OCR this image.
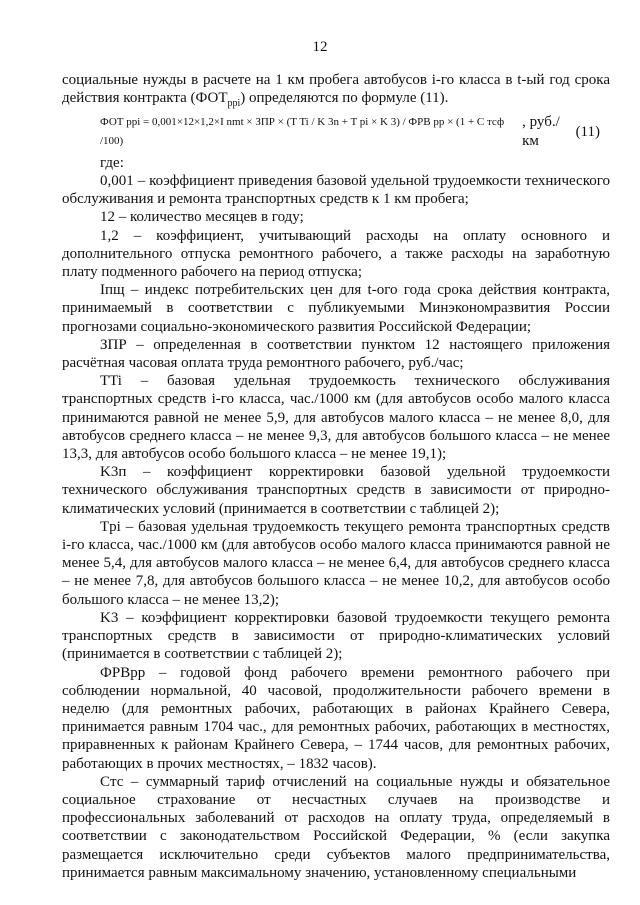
12

социальные нужды в расчете на 1 км пробега автобусов i-го класса в t-ый год срока действия контракта $(ФОТ_{ppi})$ определяются по формуле (11).

ФОТ ppi = 0,001×12×1,2×I nmt × ЗПР × (T Ti / K 3n + T pi × K 3) / ФРВ pp × (1 + C тсф /100)
, руб./км
(11)

где:

0,001 – коэффициент приведения базовой удельной трудоемкости технического обслуживания и ремонта транспортных средств к 1 км пробега;

12 – количество месяцев в году;

1,2 – коэффициент, учитывающий расходы на оплату основного и дополнительного отпуска ремонтного рабочего, а также расходы на заработную плату подменного рабочего на период отпуска;

Iпщ – индекс потребительских цен для t-ого года срока действия контракта, принимаемый в соответствии с публикуемыми Минэкономразвития России прогнозами социально-экономического развития Российской Федерации;

ЗПР – определенная в соответствии пунктом 12 настоящего приложения расчётная часовая оплата труда ремонтного рабочего, руб./час;

TTi – базовая удельная трудоемкость технического обслуживания транспортных средств i-го класса, час./1000 км (для автобусов особо малого класса принимаются равной не менее 5,9, для автобусов малого класса – не менее 8,0, для автобусов среднего класса – не менее 9,3, для автобусов большого класса – не менее 13,3, для автобусов особо большого класса – не менее 19,1);

K3п – коэффициент корректировки базовой удельной трудоемкости технического обслуживания транспортных средств в зависимости от природно-климатических условий (принимается в соответствии с таблицей 2);

Tpi – базовая удельная трудоемкость текущего ремонта транспортных средств i-го класса, час./1000 км (для автобусов особо малого класса принимаются равной не менее 5,4, для автобусов малого класса – не менее 6,4, для автобусов среднего класса – не менее 7,8, для автобусов большого класса – не менее 10,2, для автобусов особо большого класса – не менее 13,2);

K3 – коэффициент корректировки базовой трудоемкости текущего ремонта транспортных средств в зависимости от природно-климатических условий (принимается в соответствии с таблицей 2);

ФРВpp – годовой фонд рабочего времени ремонтного рабочего при соблюдении нормальной, 40 часовой, продолжительности рабочего времени в неделю (для ремонтных рабочих, работающих в районах Крайнего Севера, принимается равным 1704 час., для ремонтных рабочих, работающих в местностях, приравненных к районам Крайнего Севера, – 1744 часов, для ремонтных рабочих, работающих в прочих местностях, – 1832 часов).

Cтс – суммарный тариф отчислений на социальные нужды и обязательное социальное страхование от несчастных случаев на производстве и профессиональных заболеваний от расходов на оплату труда, определяемый в соответствии с законодательством Российской Федерации, % (если закупка размещается исключительно среди субъектов малого предпринимательства, принимается равным максимальному значению, установленному специальными
